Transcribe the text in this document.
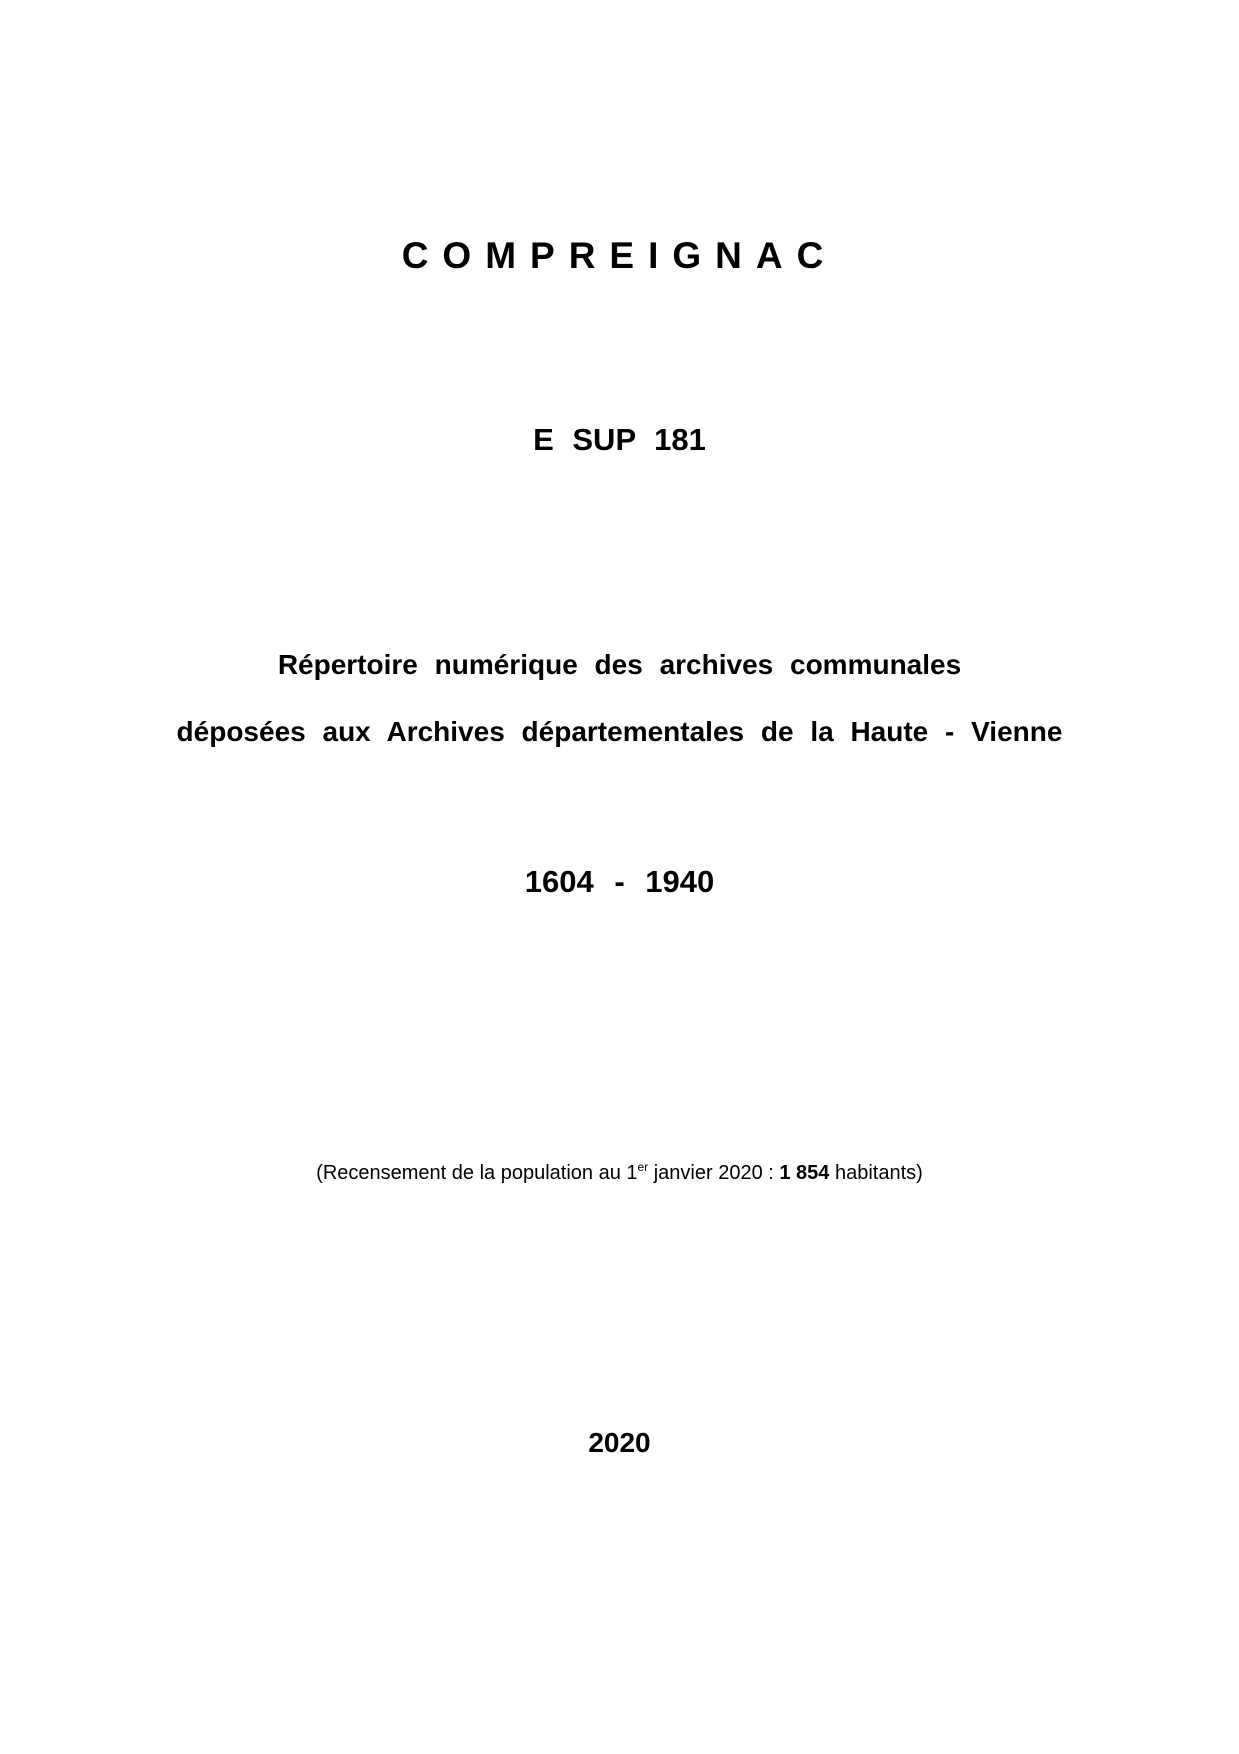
COMPREIGNAC
E SUP 181
Répertoire numérique des archives communales
déposées aux Archives départementales de la Haute - Vienne
1604 - 1940
(Recensement de la population au 1er janvier 2020 : 1 854 habitants)
2020
